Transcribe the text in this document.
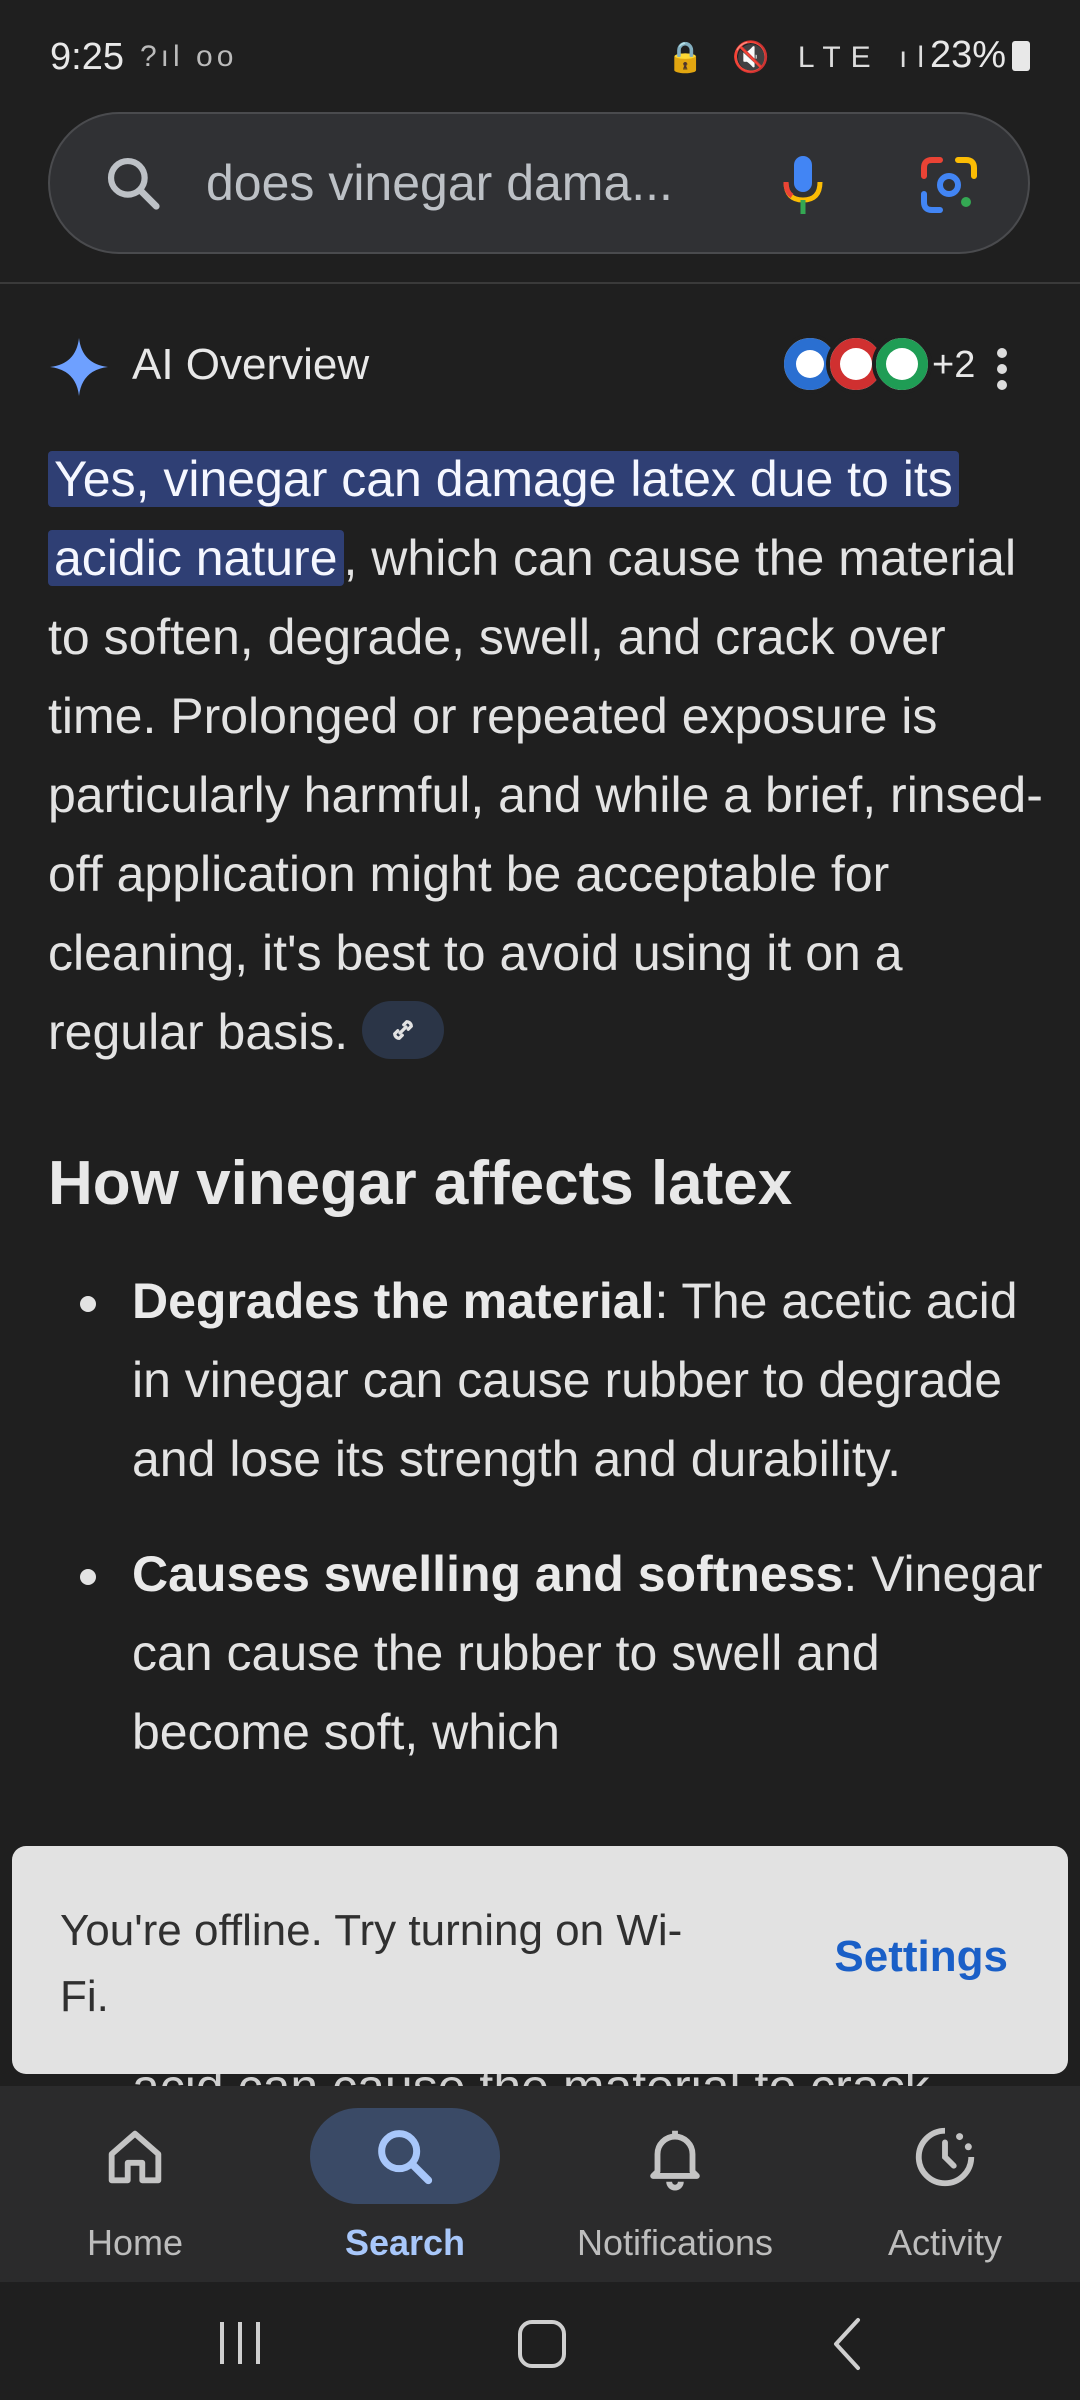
9:25 ?ıl oo	🔒 🔇 LTE ıl
23%
does vinegar dama...
AI Overview	+2
Yes, vinegar can damage latex due to its
acidic nature , which can cause the material to soften, degrade, swell, and crack over time. Prolonged or repeated exposure is particularly harmful, and while a brief, rinsed-off application might be acceptable for cleaning, it's best to avoid using it on a regular basis.
How vinegar affects latex
Degrades the material: The acetic acid in vinegar can cause rubber to degrade and lose its strength and durability.
Causes swelling and softness: Vinegar can cause the rubber to swell and become soft, which
You're offline. Try turning on Wi-Fi.
Settings
Home	Search	Notifications	Activity
